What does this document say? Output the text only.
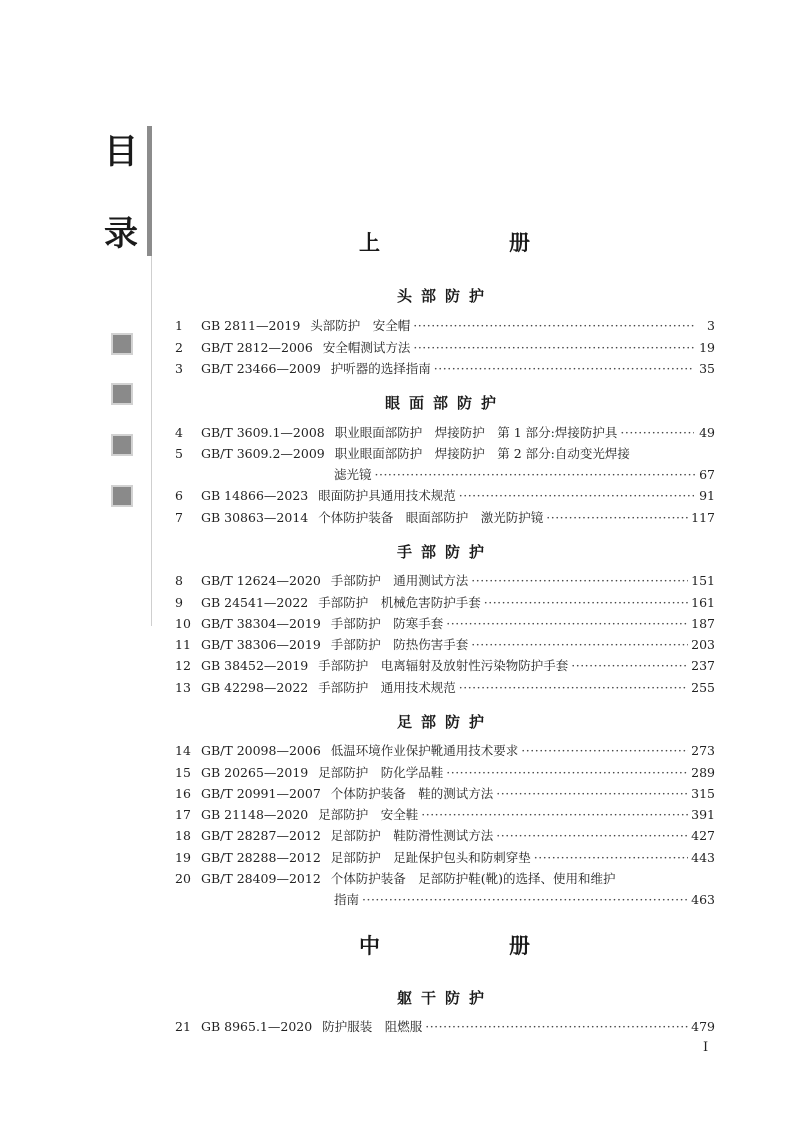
目
录	上	册
头部防护
1	GB 2811—2019 头部防护　安全帽 ·····	3
2	GB/T 2812—2006 安全帽测试方法 ·····	19
3	GB/T 23466—2009 护听器的选择指南 ·····	35
眼面部防护
4	GB/T 3609.1—2008 职业眼面部防护　焊接防护　第 1 部分:焊接防护具 ·····	49
5	GB/T 3609.2—2009 职业眼面部防护　焊接防护　第 2 部分:自动变光焊接
滤光镜 ·····	67
6	GB 14866—2023 眼面防护具通用技术规范 ·····	91
7	GB 30863—2014 个体防护装备　眼面部防护　激光防护镜 ·····	117
手部防护
8	GB/T 12624—2020 手部防护　通用测试方法 ·····	151
9	GB 24541—2022 手部防护　机械危害防护手套 ·····	161
10 GB/T 38304—2019 手部防护　防寒手套 ·····	187
11 GB/T 38306—2019 手部防护　防热伤害手套 ·····	203
12 GB 38452—2019 手部防护　电离辐射及放射性污染物防护手套 ·····	237
13 GB 42298—2022 手部防护　通用技术规范 ·····	255
足部防护
14 GB/T 20098—2006 低温环境作业保护靴通用技术要求 ·····	273
15 GB 20265—2019 足部防护　防化学品鞋 ·····	289
16 GB/T 20991—2007 个体防护装备　鞋的测试方法 ·····	315
17 GB 21148—2020 足部防护　安全鞋 ·····	391
18 GB/T 28287—2012 足部防护　鞋防滑性测试方法 ·····	427
19 GB/T 28288—2012 足部防护　足趾保护包头和防刺穿垫 ·····	443
20 GB/T 28409—2012 个体防护装备　足部防护鞋(靴)的选择、使用和维护
指南 ·····	463
中	册
躯干防护
21 GB 8965.1—2020 防护服装　阻燃服 ·····	479
I
